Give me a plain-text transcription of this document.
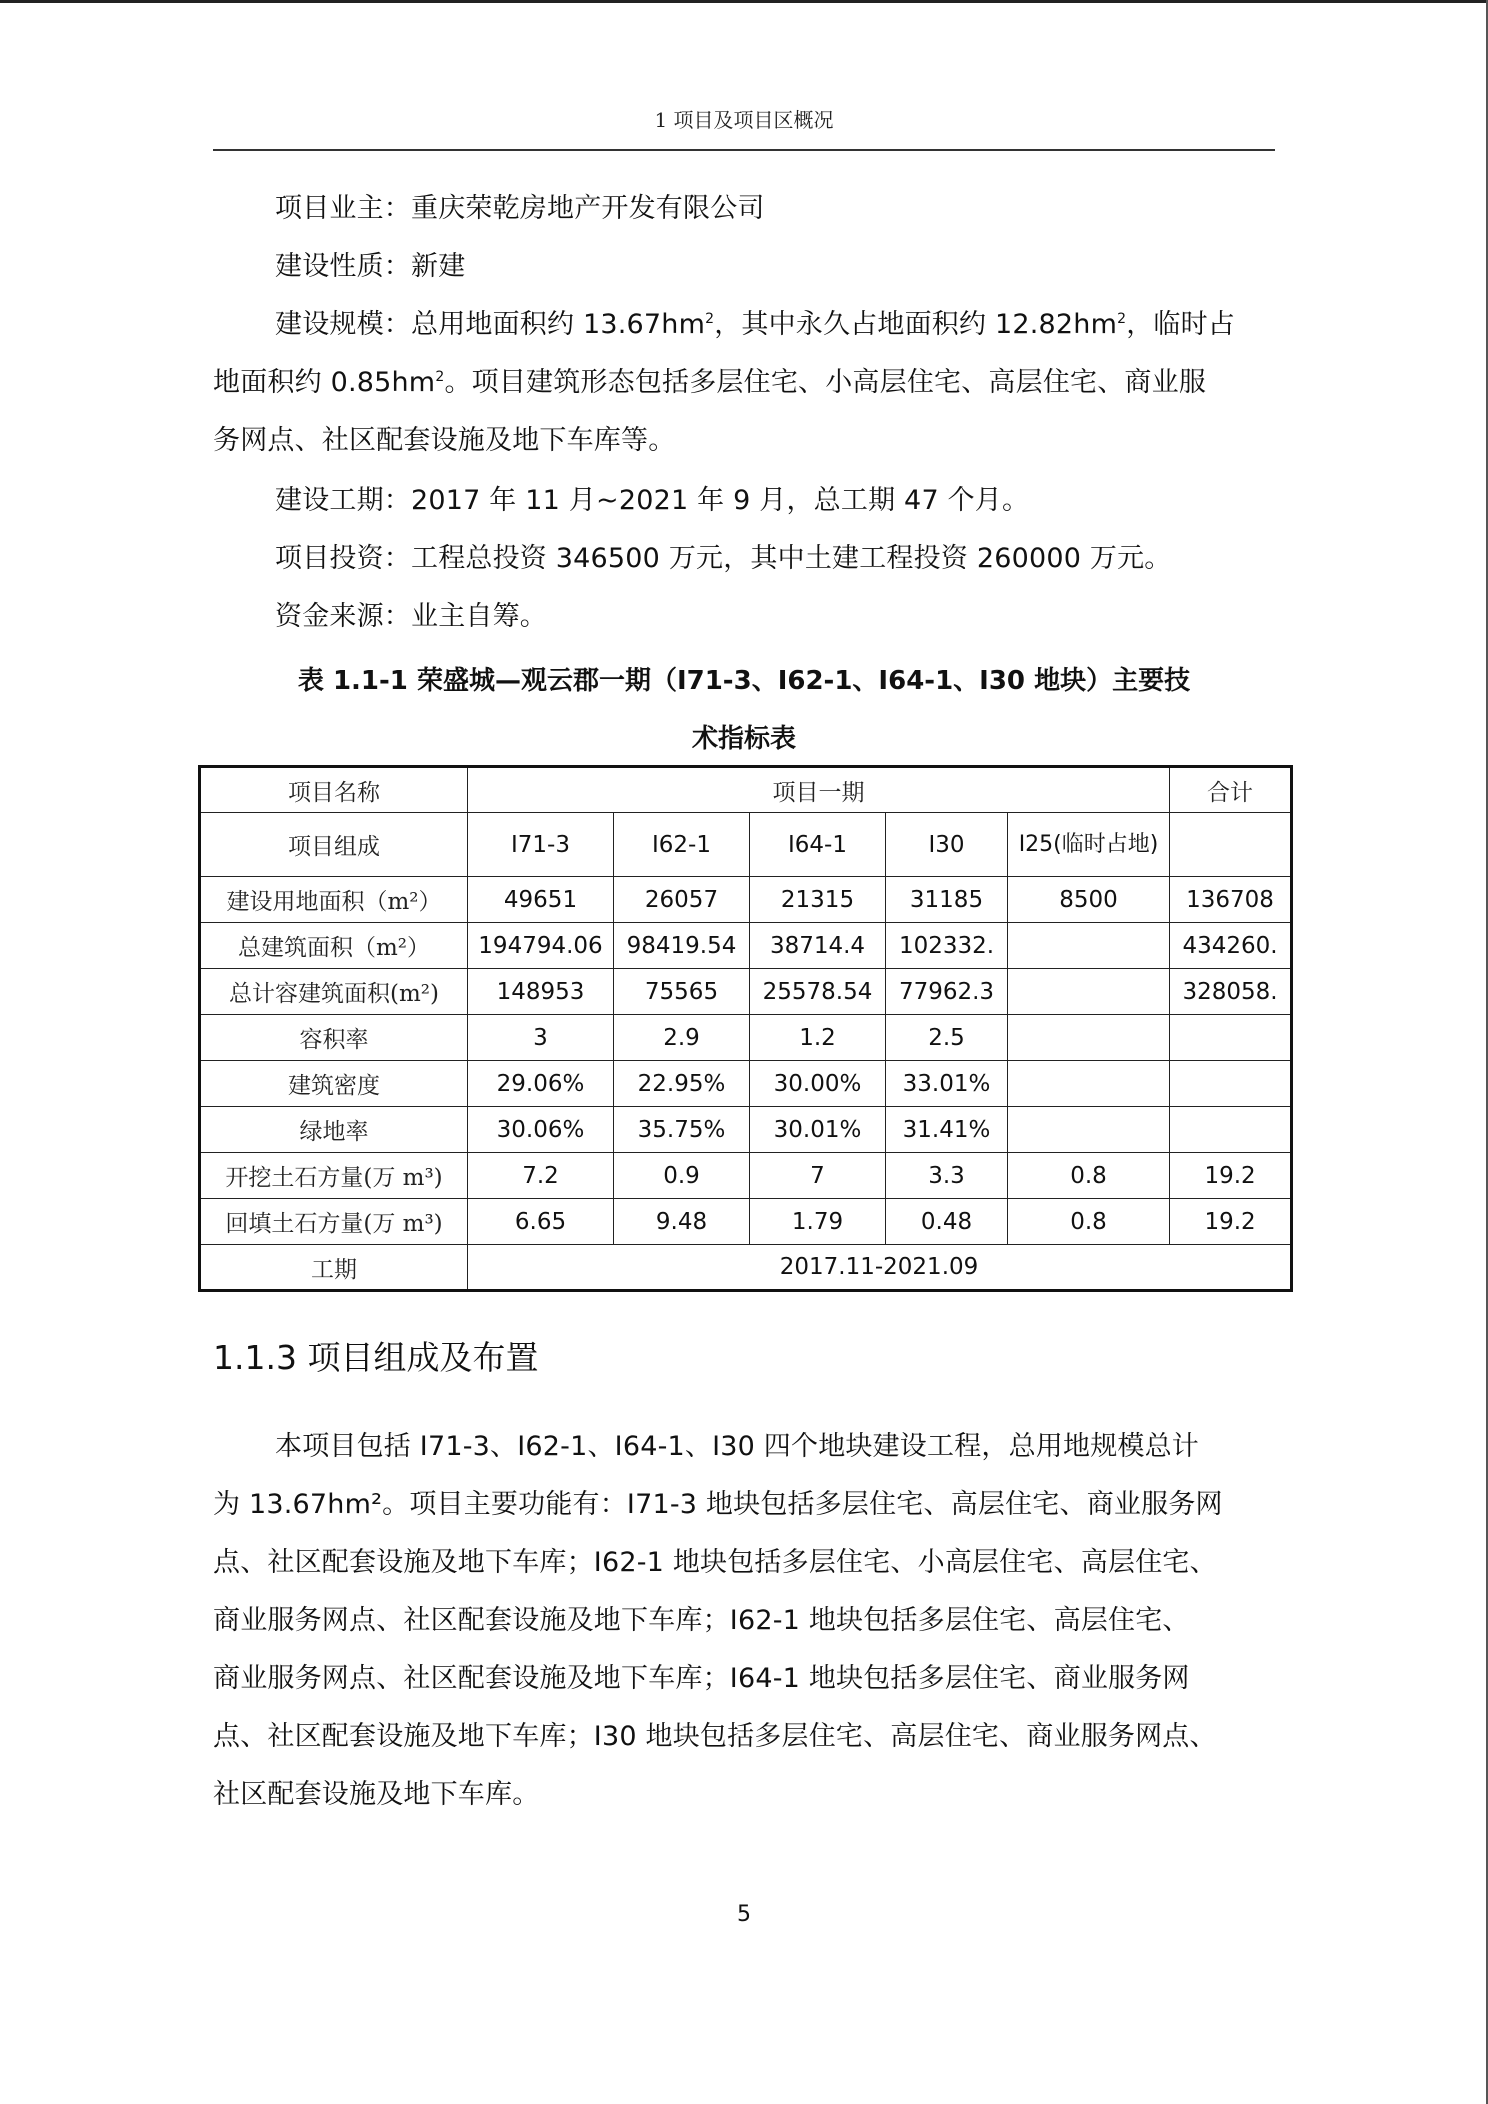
1 项目及项目区概况
项目业主：重庆荣乾房地产开发有限公司
建设性质：新建
建设规模：总用地面积约 $13.67hm^2$，其中永久占地面积约 $12.82hm^2$，临时占
地面积约 $0.85hm^2$。项目建筑形态包括多层住宅、小高层住宅、高层住宅、商业服
务网点、社区配套设施及地下车库等。
建设工期：2017 年 11 月~2021 年 9 月，总工期 47 个月。
项目投资：工程总投资 346500 万元，其中土建工程投资 260000 万元。
资金来源：业主自筹。
表 1.1-1 荣盛城—观云郡一期（I71-3、I62-1、I64-1、I30 地块）主要技
术指标表
项目名称	项目一期					合计
项目组成	I71-3	I62-1	I64-1	I30	I25(临时占地)	
建设用地面积（m²）	49651	26057	21315	31185	8500	136708
总建筑面积（m²）	194794.06	98419.54	38714.4	102332.		434260.
总计容建筑面积(m²)	148953	75565	25578.54	77962.3		328058.
容积率	3	2.9	1.2	2.5		
建筑密度	29.06%	22.95%	30.00%	33.01%		
绿地率	30.06%	35.75%	30.01%	31.41%		
开挖土石方量(万 m³)	7.2	0.9	7	3.3	0.8	19.2
回填土石方量(万 m³)	6.65	9.48	1.79	0.48	0.8	19.2
工期	2017.11-2021.09					
1.1.3 项目组成及布置
本项目包括 I71-3、I62-1、I64-1、I30 四个地块建设工程，总用地规模总计
为 13.67hm²。项目主要功能有：I71-3 地块包括多层住宅、高层住宅、商业服务网
点、社区配套设施及地下车库；I62-1 地块包括多层住宅、小高层住宅、高层住宅、
商业服务网点、社区配套设施及地下车库；I62-1 地块包括多层住宅、高层住宅、
商业服务网点、社区配套设施及地下车库；I64-1 地块包括多层住宅、商业服务网
点、社区配套设施及地下车库；I30 地块包括多层住宅、高层住宅、商业服务网点、
社区配套设施及地下车库。
5
